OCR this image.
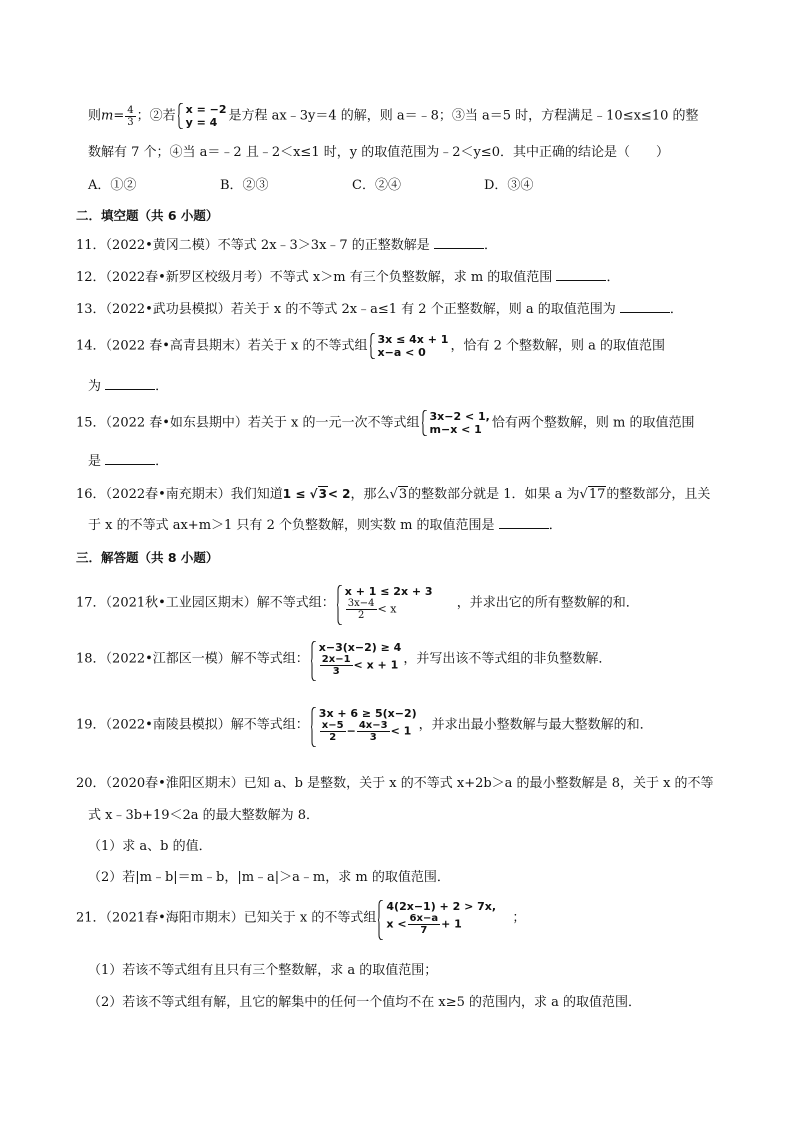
则$m= \frac{4}{3}$ ；②若 x = −2
y = 4 是方程 ax﹣3y＝4 的解，则 a＝﹣8；③当 a＝5 时，方程满足﹣10≤x≤10 的整
数解有 7 个；④当 a＝﹣2 且﹣2＜x≤1 时，y 的取值范围为﹣2＜y≤0．其中正确的结论是（　　）
A．①②	B．②③	C．②④	D．③④
二．填空题（共 6 小题）
11．（2022•黄冈二模）不等式 2x﹣3＞3x﹣7 的正整数解是	．
12．（2022春•新罗区校级月考）不等式 x＞m 有三个负整数解，求 m 的取值范围	．
13．（2022•武功县模拟）若关于 x 的不等式 2x﹣a≤1 有 2 个正整数解，则 a 的取值范围为	．
14．（2022 春•高青县期末）若关于 x 的不等式组 3x ≤ 4x + 1
x−a < 0	，恰有 2 个整数解，则 a 的取值范围
为	．
15．（2022 春•如东县期中）若关于 x 的一元一次不等式组 3x−2 < 1,
m−x < 1 恰有两个整数解，则 m 的取值范围
是	．
16．（2022春•南充期末）我们知道1 ≤ √3< 2，那么√3的整数部分就是 1．如果 a 为√17的整数部分，且关
于 x 的不等式 ax+m＞1 只有 2 个负整数解，则实数 m 的取值范围是	．
三．解答题（共 8 小题）
17．（2021秋•工业园区期末）解不等式组：
x + 1 ≤ 2x + 3
$\frac{3x-4}{2} < x$	，并求出它的所有整数解的和．
18．（2022•江都区一模）解不等式组：
x−3(x−2) ≥ 4
$\frac{2x-1}{3} < x + 1$ ，并写出该不等式组的非负整数解．
19．（2022•南陵县模拟）解不等式组：
3x + 6 ≥ 5(x−2)
$\frac{x-5}{2} - \frac{4x-3}{3} < 1$ ，并求出最小整数解与最大整数解的和．
20．（2020春•淮阳区期末）已知 a、b 是整数，关于 x 的不等式 x+2b＞a 的最小整数解是 8，关于 x 的不等
式 x﹣3b+19＜2a 的最大整数解为 8．
（1）求 a、b 的值．
（2）若|m﹣b|＝m﹣b，|m﹣a|＞a﹣m，求 m 的取值范围．
21．（2021春•海阳市期末）已知关于 x 的不等式组
4(2x−1) + 2 > 7x,
$x < \frac{6x-a}{7} + 1$	；
（1）若该不等式组有且只有三个整数解，求 a 的取值范围；
（2）若该不等式组有解，且它的解集中的任何一个值均不在 x≥5 的范围内，求 a 的取值范围．
